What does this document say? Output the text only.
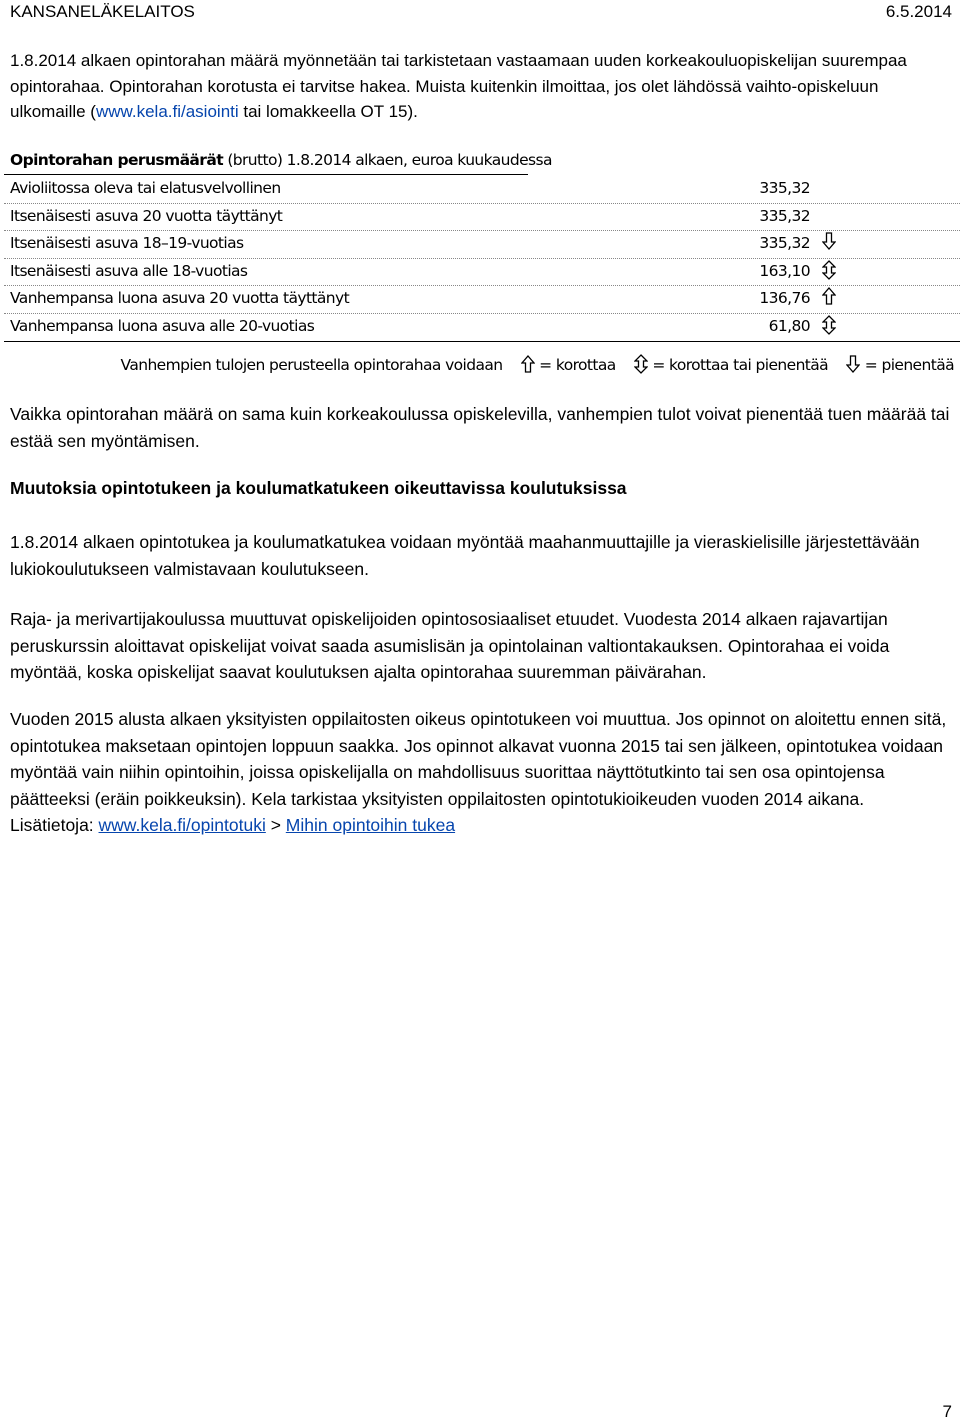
KANSANELÄKELAITOS	6.5.2014
1.8.2014 alkaen opintorahan määrä myönnetään tai tarkistetaan vastaamaan uuden korkeakouluopiskelijan suurempaa opintorahaa. Opintorahan korotusta ei tarvitse hakea. Muista kuitenkin ilmoittaa, jos olet lähdössä vaihto-opiskeluun ulkomaille (www.kela.fi/asiointi tai lomakkeella OT 15).
Opintorahan perusmäärät (brutto) 1.8.2014 alkaen, euroa kuukaudessa
Avioliitossa oleva tai elatusvelvollinen	335,32
Itsenäisesti asuva 20 vuotta täyttänyt	335,32
Itsenäisesti asuva 18–19-vuotias	335,32
Itsenäisesti asuva alle 18-vuotias	163,10
Vanhempansa luona asuva 20 vuotta täyttänyt	136,76
Vanhempansa luona asuva alle 20-vuotias	61,80
Vanhempien tulojen perusteella opintorahaa voidaan = korottaa = korottaa tai pienentää = pienentää
Vaikka opintorahan määrä on sama kuin korkeakoulussa opiskelevilla, vanhempien tulot voivat pienentää tuen määrää tai estää sen myöntämisen.
Muutoksia opintotukeen ja koulumatkatukeen oikeuttavissa koulutuksissa
1.8.2014 alkaen opintotukea ja koulumatkatukea voidaan myöntää maahanmuuttajille ja vieraskielisille järjestettävään lukiokoulutukseen valmistavaan koulutukseen.
Raja- ja merivartijakoulussa muuttuvat opiskelijoiden opintososiaaliset etuudet. Vuodesta 2014 alkaen rajavartijan peruskurssin aloittavat opiskelijat voivat saada asumislisän ja opintolainan valtiontakauksen. Opintorahaa ei voida myöntää, koska opiskelijat saavat koulutuksen ajalta opintorahaa suuremman päivärahan.
Vuoden 2015 alusta alkaen yksityisten oppilaitosten oikeus opintotukeen voi muuttua. Jos opinnot on aloitettu ennen sitä, opintotukea maksetaan opintojen loppuun saakka. Jos opinnot alkavat vuonna 2015 tai sen jälkeen, opintotukea voidaan myöntää vain niihin opintoihin, joissa opiskelijalla on mahdollisuus suorittaa näyttötutkinto tai sen osa opintojensa päätteeksi (eräin poikkeuksin). Kela tarkistaa yksityisten oppilaitosten opintotukioikeuden vuoden 2014 aikana. Lisätietoja: www.kela.fi/opintotuki > Mihin opintoihin tukea
7
